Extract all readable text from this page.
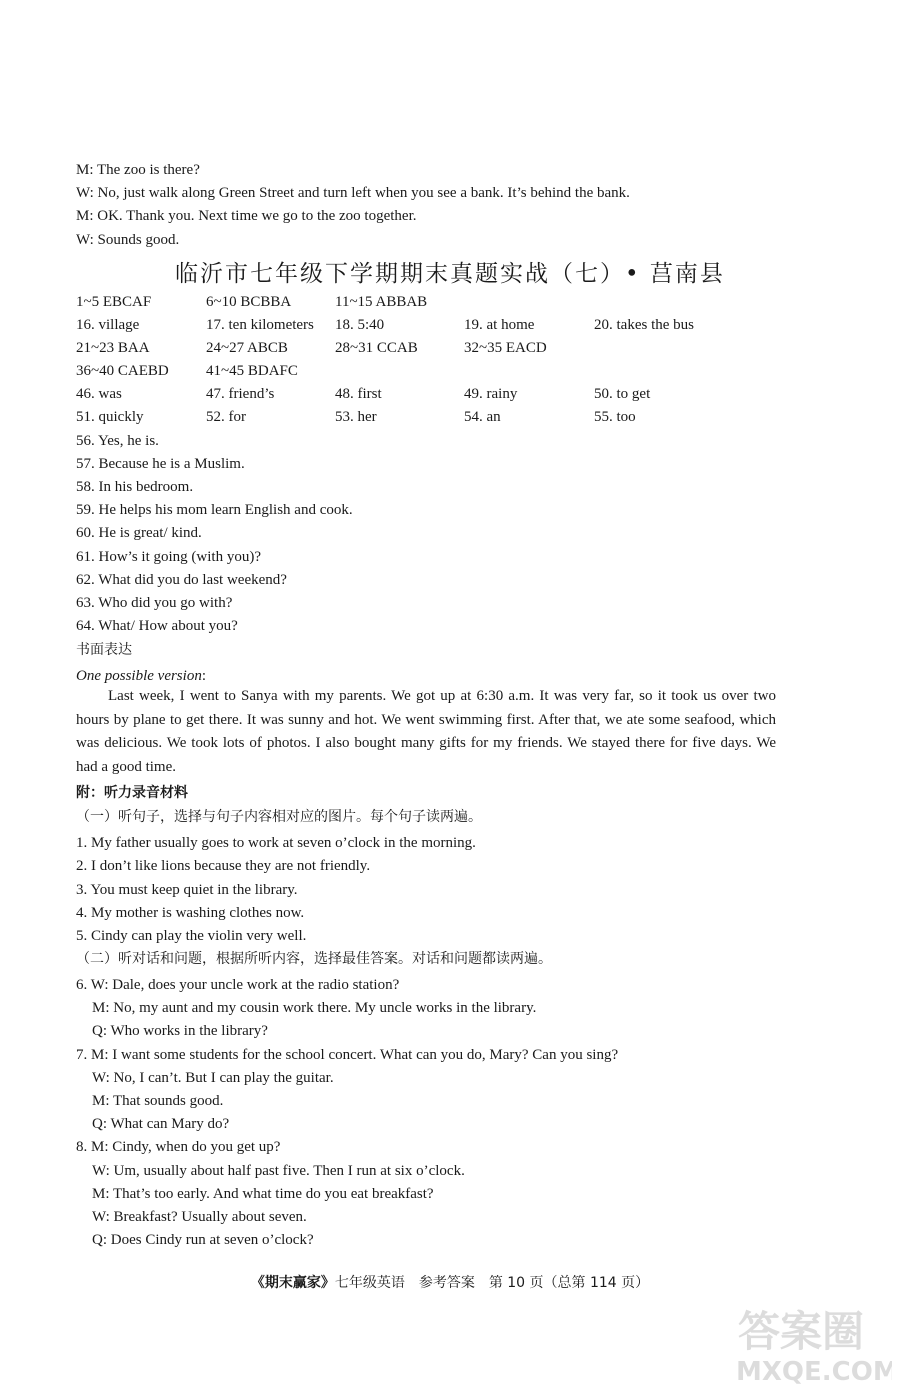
M: The zoo is there?
W: No, just walk along Green Street and turn left when you see a bank. It’s behind the bank.
M: OK. Thank you. Next time we go to the zoo together.
W: Sounds good.
临沂市七年级下学期期末真题实战（七）• 莒南县
1~5 EBCAF	6~10 BCBBA	11~15 ABBAB
16. village	17. ten kilometers 18. 5:40	19. at home	20. takes the bus
21~23 BAA	24~27 ABCB	28~31 CCAB	32~35 EACD
36~40 CAEBD 41~45 BDAFC
46. was	47. friend’s	48. first	49. rainy	50. to get
51. quickly	52. for	53. her	54. an	55. too
56. Yes, he is.
57. Because he is a Muslim.
58. In his bedroom.
59. He helps his mom learn English and cook.
60. He is great/ kind.
61. How’s it going (with you)?
62. What did you do last weekend?
63. Who did you go with?
64. What/ How about you?
书面表达
One possible version:
Last week, I went to Sanya with my parents. We got up at 6:30 a.m. It was very far, so it took us over two hours by plane to get there. It was sunny and hot. We went swimming first. After that, we ate some seafood, which was delicious. We took lots of photos. I also bought many gifts for my friends. We stayed there for five days. We had a good time.
附：听力录音材料
（一）听句子，选择与句子内容相对应的图片。每个句子读两遍。
1. My father usually goes to work at seven o’clock in the morning.
2. I don’t like lions because they are not friendly.
3. You must keep quiet in the library.
4. My mother is washing clothes now.
5. Cindy can play the violin very well.
（二）听对话和问题，根据所听内容，选择最佳答案。对话和问题都读两遍。
6. W: Dale, does your uncle work at the radio station?
M: No, my aunt and my cousin work there. My uncle works in the library.
Q: Who works in the library?
7. M: I want some students for the school concert. What can you do, Mary? Can you sing?
W: No, I can’t. But I can play the guitar.
M: That sounds good.
Q: What can Mary do?
8. M: Cindy, when do you get up?
W: Um, usually about half past five. Then I run at six o’clock.
M: That’s too early. And what time do you eat breakfast?
W: Breakfast? Usually about seven.
Q: Does Cindy run at seven o’clock?
《期末赢家》七年级英语　参考答案　第 10 页（总第 114 页）
答案圈
MXQE.COM
